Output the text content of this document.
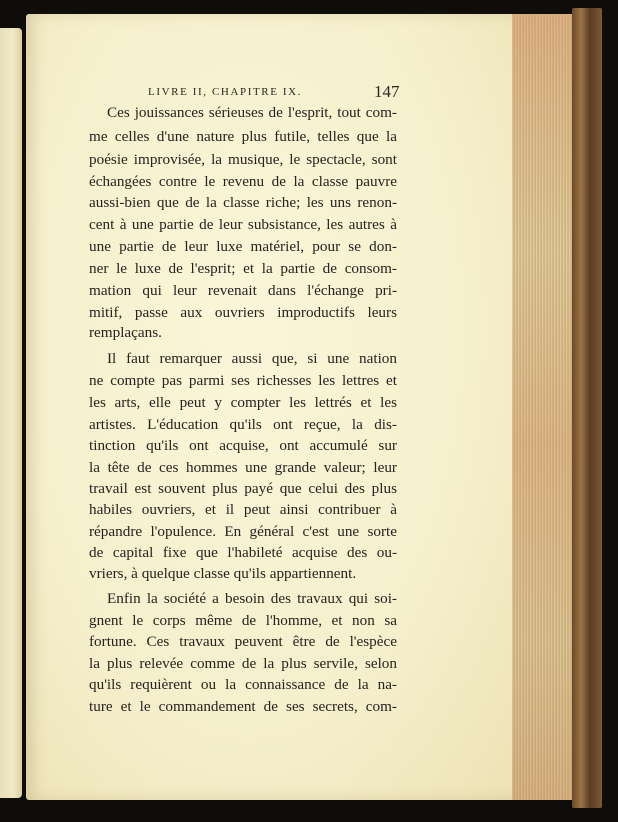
LIVRE II, CHAPITRE IX.	147
Ces jouissances sérieuses de l'esprit, tout com-
me celles d'une nature plus futile, telles que la
poésie improvisée, la musique, le spectacle, sont
échangées contre le revenu de la classe pauvre
aussi-bien que de la classe riche; les uns renon-
cent à une partie de leur subsistance, les autres à
une partie de leur luxe matériel, pour se don-
ner le luxe de l'esprit; et la partie de consom-
mation qui leur revenait dans l'échange pri-
mitif, passe aux ouvriers improductifs leurs
remplaçans.
Il faut remarquer aussi que, si une nation
ne compte pas parmi ses richesses les lettres et
les arts, elle peut y compter les lettrés et les
artistes. L'éducation qu'ils ont reçue, la dis-
tinction qu'ils ont acquise, ont accumulé sur
la tête de ces hommes une grande valeur; leur
travail est souvent plus payé que celui des plus
habiles ouvriers, et il peut ainsi contribuer à
répandre l'opulence. En général c'est une sorte
de capital fixe que l'habileté acquise des ou-
vriers, à quelque classe qu'ils appartiennent.
Enfin la société a besoin des travaux qui soi-
gnent le corps même de l'homme, et non sa
fortune. Ces travaux peuvent être de l'espèce
la plus relevée comme de la plus servile, selon
qu'ils requièrent ou la connaissance de la na-
ture et le commandement de ses secrets, com-
